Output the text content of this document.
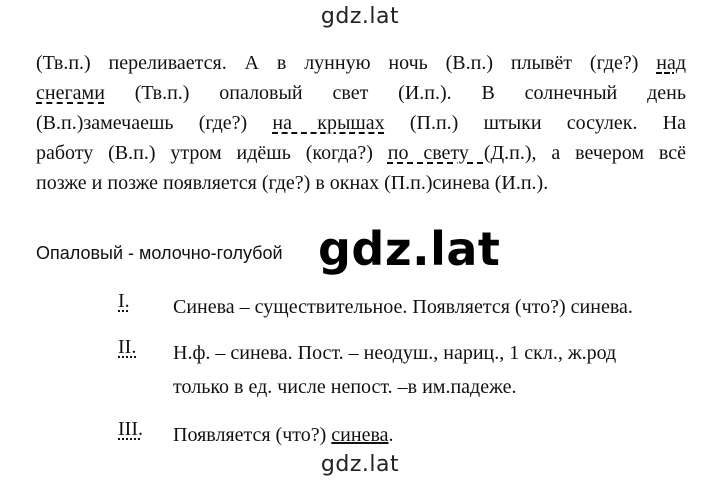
gdz.lat
(Тв.п.) переливается. А в лунную ночь (В.п.) плывёт (где?) над
снегами (Тв.п.) опаловый свет (И.п.). В солнечный день
(В.п.)замечаешь (где?) на крышах (П.п.) штыки сосулек. На
работу (В.п.) утром идёшь (когда?) по свету (Д.п.), а вечером всё
позже и позже появляется (где?) в окнах (П.п.)синева (И.п.).
Опаловый - молочно-голубой gdz.lat
I. Синева – существительное. Появляется (что?) синева.
II. Н.ф. – синева. Пост. – неодуш., нариц., 1 скл., ж.род
только в ед. числе непост. –в им.падеже.
III. Появляется (что?) синева.
gdz.lat
